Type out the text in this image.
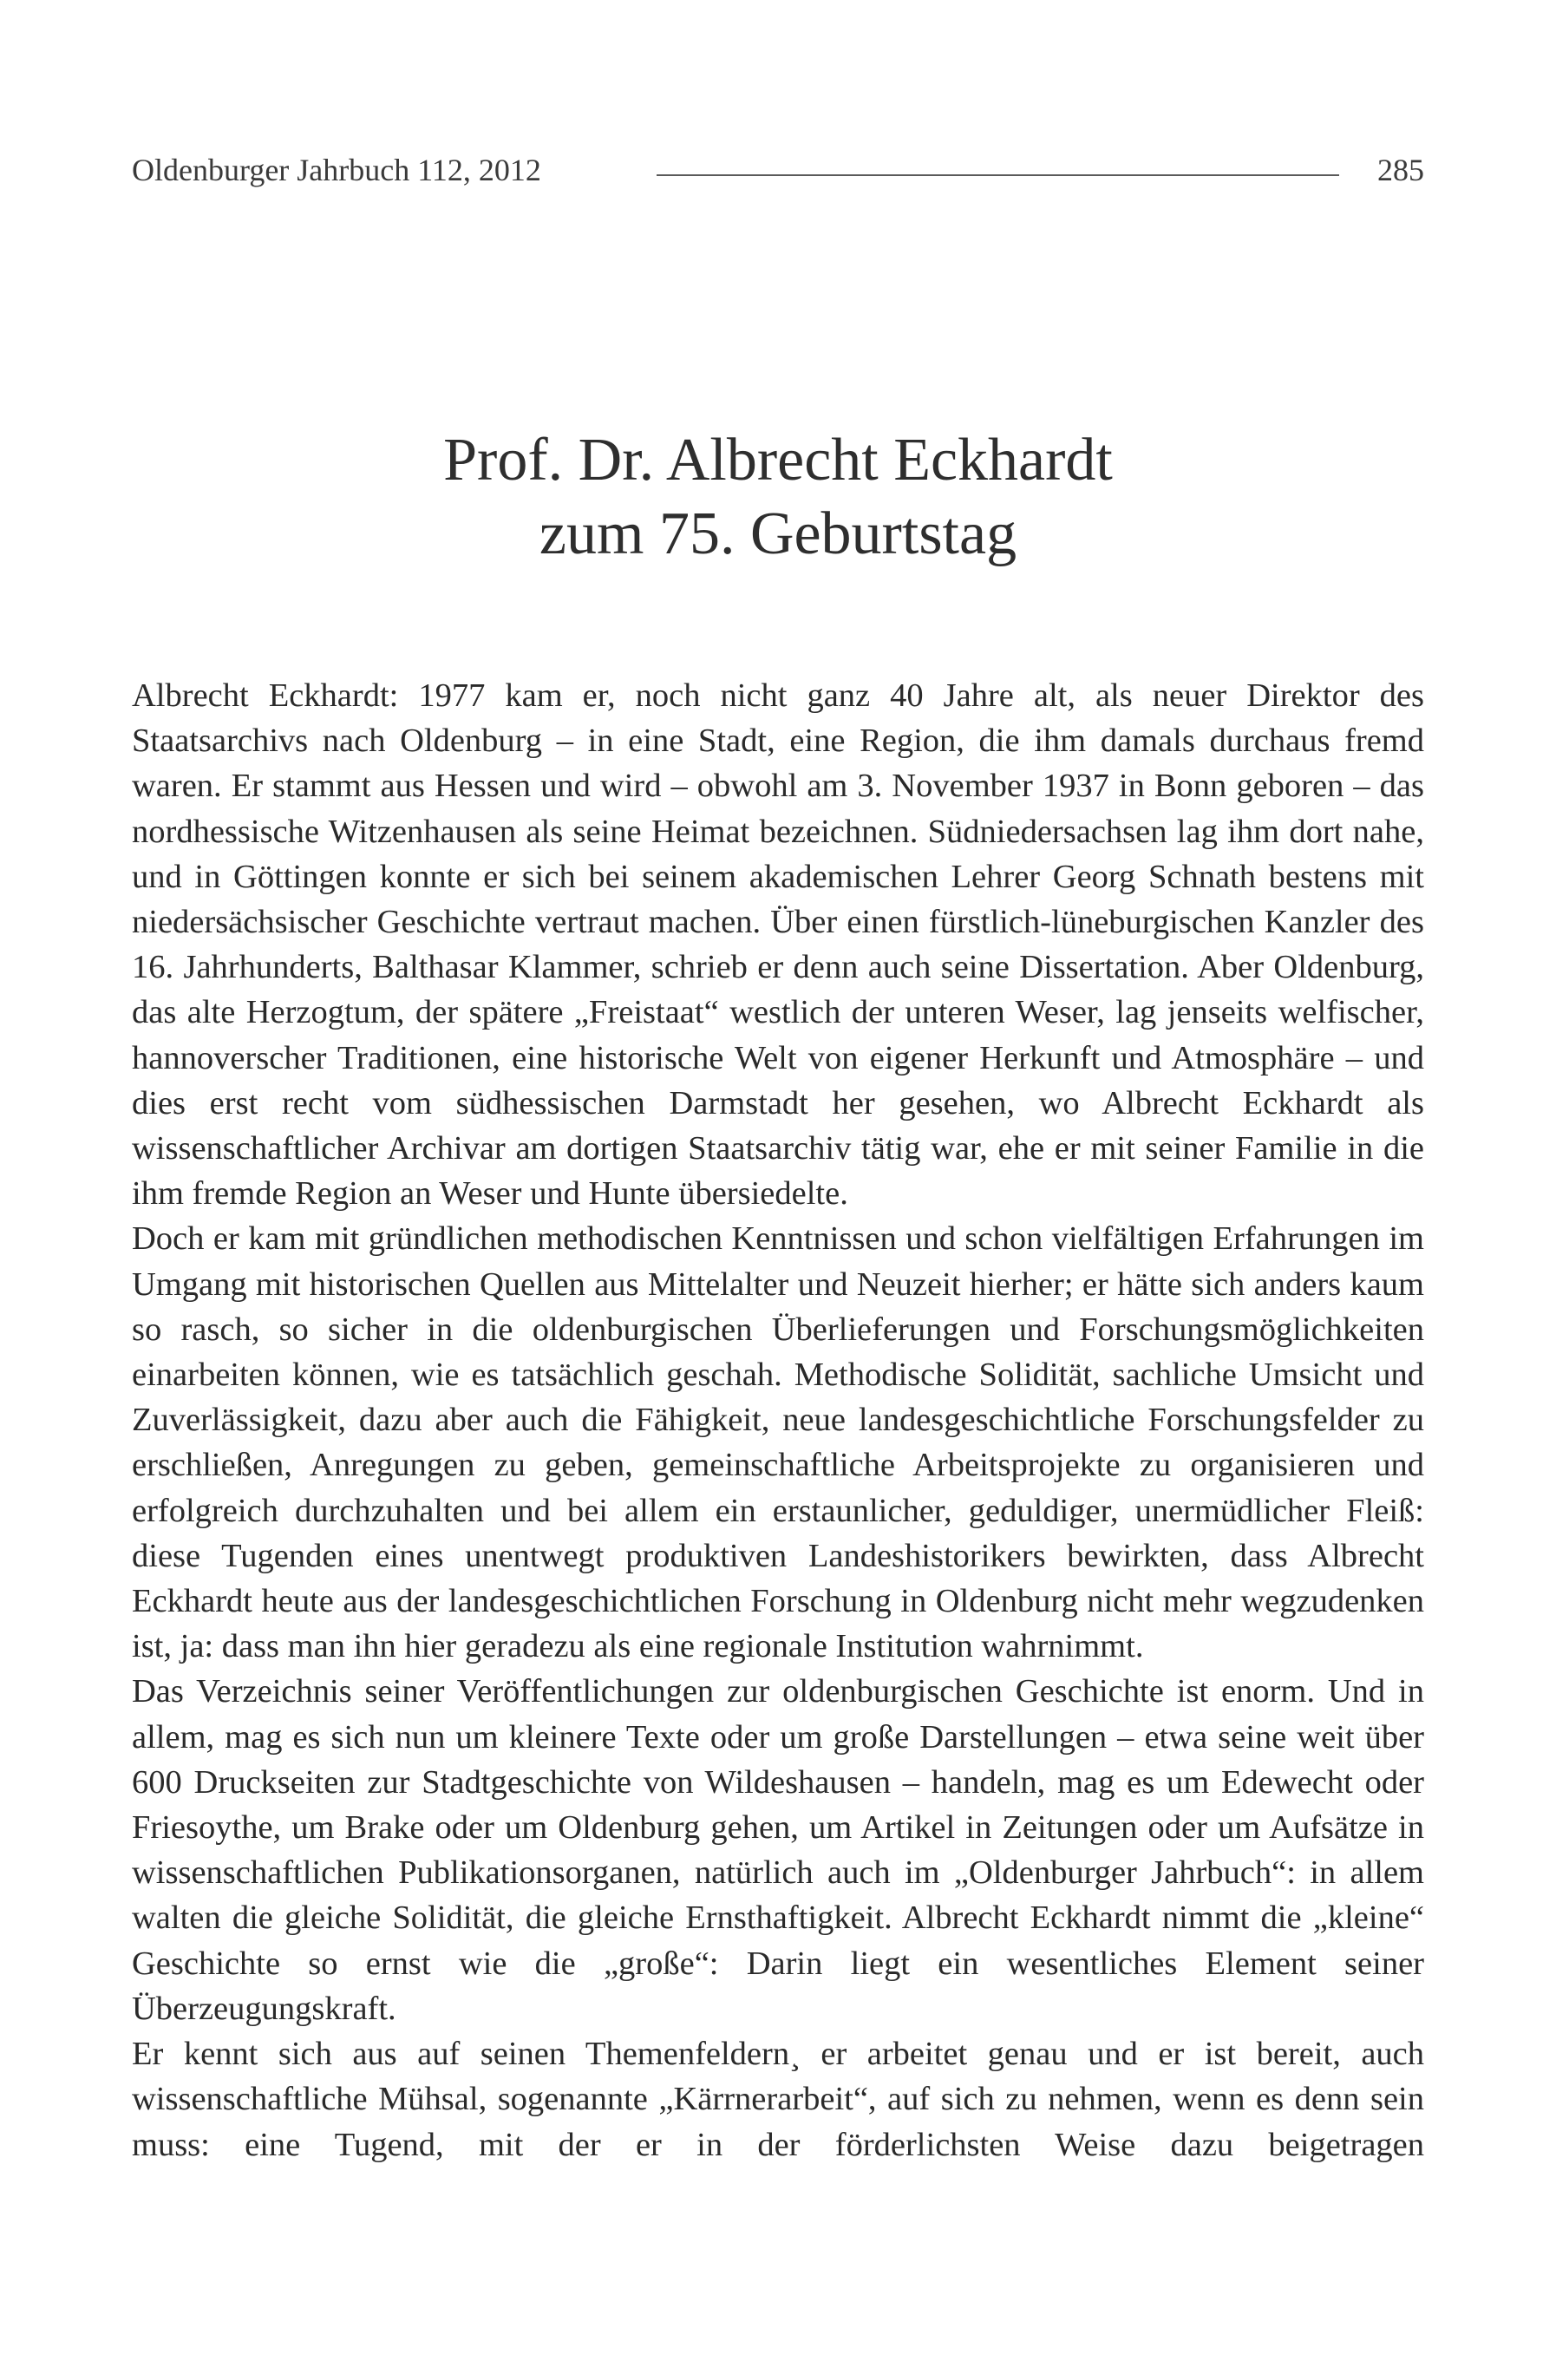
Oldenburger Jahrbuch 112, 2012	285
Prof. Dr. Albrecht Eckhardt
zum 75. Geburtstag

Albrecht Eckhardt: 1977 kam er, noch nicht ganz 40 Jahre alt, als neuer Direktor des Staatsarchivs nach Oldenburg – in eine Stadt, eine Region, die ihm damals durchaus fremd waren. Er stammt aus Hessen und wird – obwohl am 3. November 1937 in Bonn geboren – das nordhessische Witzenhausen als seine Heimat bezeichnen. Südniedersachsen lag ihm dort nahe, und in Göttingen konnte er sich bei seinem akademischen Lehrer Georg Schnath bestens mit niedersächsischer Geschichte vertraut machen. Über einen fürstlich-lüneburgischen Kanzler des 16. Jahrhunderts, Balthasar Klammer, schrieb er denn auch seine Dissertation. Aber Oldenburg, das alte Herzogtum, der spätere „Freistaat“ westlich der unteren Weser, lag jenseits welfischer, hannoverscher Traditionen, eine historische Welt von eigener Herkunft und Atmosphäre – und dies erst recht vom südhessischen Darmstadt her gesehen, wo Albrecht Eckhardt als wissenschaftlicher Archivar am dortigen Staatsarchiv tätig war, ehe er mit seiner Familie in die ihm fremde Region an Weser und Hunte übersiedelte.

Doch er kam mit gründlichen methodischen Kenntnissen und schon vielfältigen Erfahrungen im Umgang mit historischen Quellen aus Mittelalter und Neuzeit hierher; er hätte sich anders kaum so rasch, so sicher in die oldenburgischen Überlieferungen und Forschungsmöglichkeiten einarbeiten können, wie es tatsächlich geschah. Methodische Solidität, sachliche Umsicht und Zuverlässigkeit, dazu aber auch die Fähigkeit, neue landesgeschichtliche Forschungsfelder zu erschließen, Anregungen zu geben, gemeinschaftliche Arbeitsprojekte zu organisieren und erfolgreich durchzuhalten und bei allem ein erstaunlicher, geduldiger, unermüdlicher Fleiß: diese Tugenden eines unentwegt produktiven Landeshistorikers bewirkten, dass Albrecht Eckhardt heute aus der landesgeschichtlichen Forschung in Oldenburg nicht mehr wegzudenken ist, ja: dass man ihn hier geradezu als eine regionale Institution wahrnimmt.

Das Verzeichnis seiner Veröffentlichungen zur oldenburgischen Geschichte ist enorm. Und in allem, mag es sich nun um kleinere Texte oder um große Darstellungen – etwa seine weit über 600 Druckseiten zur Stadtgeschichte von Wildeshausen – handeln, mag es um Edewecht oder Friesoythe, um Brake oder um Oldenburg gehen, um Artikel in Zeitungen oder um Aufsätze in wissenschaftlichen Publikationsorganen, natürlich auch im „Oldenburger Jahrbuch“: in allem walten die gleiche Solidität, die gleiche Ernsthaftigkeit. Albrecht Eckhardt nimmt die „kleine“ Geschichte so ernst wie die „große“: Darin liegt ein wesentliches Element seiner Überzeugungskraft.

Er kennt sich aus auf seinen Themenfeldern¸ er arbeitet genau und er ist bereit, auch wissenschaftliche Mühsal, sogenannte „Kärrnerarbeit“, auf sich zu nehmen, wenn es denn sein muss: eine Tugend, mit der er in der förderlichsten Weise dazu beigetragen
